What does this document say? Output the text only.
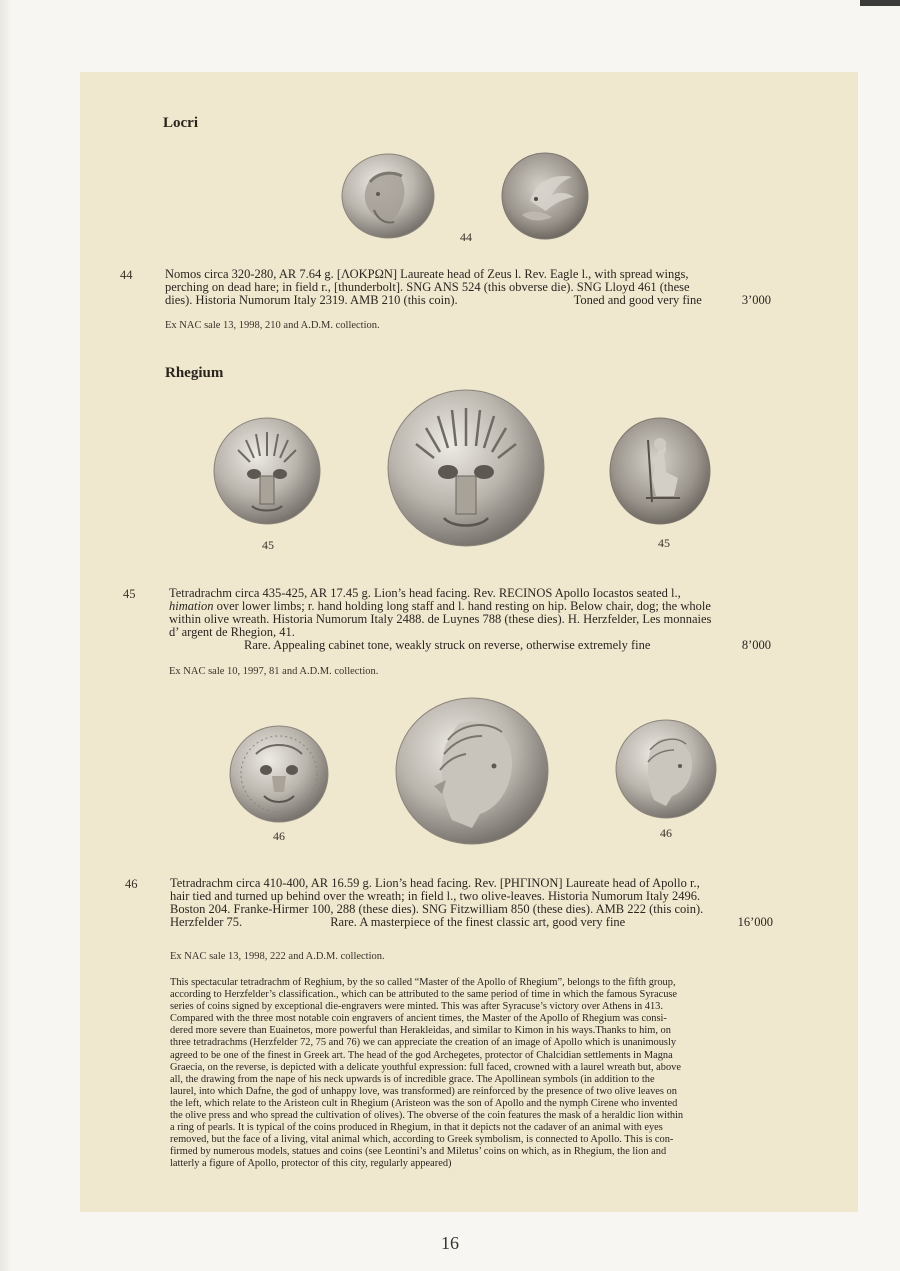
Locri
44
44	Nomos circa 320-280, AR 7.64 g. [ΛΟΚΡΩΝ] Laureate head of Zeus l. Rev. Eagle l., with spread wings,

perching on dead hare; in field r., [thunderbolt]. SNG ANS 524 (this obverse die). SNG Lloyd 461 (these

dies). Historia Numorum Italy 2319. AMB 210 (this coin).	Toned and good very fine	3’000
Ex NAC sale 13, 1998, 210 and A.D.M. collection.
Rhegium
45	45
45	Tetradrachm circa 435-425, AR 17.45 g. Lion’s head facing. Rev. RECINOS Apollo Iocastos seated l.,

himation over lower limbs; r. hand holding long staff and l. hand resting on hip. Below chair, dog; the whole

within olive wreath. Historia Numorum Italy 2488. de Luynes 788 (these dies). H. Herzfelder, Les monnaies

d’ argent de Rhegion, 41.

Rare. Appealing cabinet tone, weakly struck on reverse, otherwise extremely fine	8’000
Ex NAC sale 10, 1997, 81 and A.D.M. collection.
46	46
46	Tetradrachm circa 410-400, AR 16.59 g. Lion’s head facing. Rev. [ΡΗΓΙΝΟΝ] Laureate head of Apollo r.,

hair tied and turned up behind over the wreath; in field l., two olive-leaves. Historia Numorum Italy 2496.

Boston 204. Franke-Hirmer 100, 288 (these dies). SNG Fitzwilliam 850 (these dies). AMB 222 (this coin).

Herzfelder 75.	Rare. A masterpiece of the finest classic art, good very fine	16’000
Ex NAC sale 13, 1998, 222 and A.D.M. collection.
This spectacular tetradrachm of Reghium, by the so called “Master of the Apollo of Rhegium”, belongs to the fifth group,
according to Herzfelder’s classification., which can be attributed to the same period of time in which the famous Syracuse
series of coins signed by exceptional die-engravers were minted. This was after Syracuse’s victory over Athens in 413.
Compared with the three most notable coin engravers of ancient times, the Master of the Apollo of Rhegium was consi-
dered more severe than Euainetos, more powerful than Herakleidas, and similar to Kimon in his ways.Thanks to him, on
three tetradrachms (Herzfelder 72, 75 and 76) we can appreciate the creation of an image of Apollo which is unanimously
agreed to be one of the finest in Greek art. The head of the god Archegetes, protector of Chalcidian settlements in Magna
Graecia, on the reverse, is depicted with a delicate youthful expression: full faced, crowned with a laurel wreath but, above
all, the drawing from the nape of his neck upwards is of incredible grace. The Apollinean symbols (in addition to the
laurel, into which Dafne, the god of unhappy love, was transformed) are reinforced by the presence of two olive leaves on
the left, which relate to the Aristeon cult in Rhegium (Aristeon was the son of Apollo and the nymph Cirene who invented
the olive press and who spread the cultivation of olives). The obverse of the coin features the mask of a heraldic lion within
a ring of pearls. It is typical of the coins produced in Rhegium, in that it depicts not the cadaver of an animal with eyes
removed, but the face of a living, vital animal which, according to Greek symbolism, is connected to Apollo. This is con-
firmed by numerous models, statues and coins (see Leontini’s and Miletus’ coins on which, as in Rhegium, the lion and
latterly a figure of Apollo, protector of this city, regularly appeared)
16
